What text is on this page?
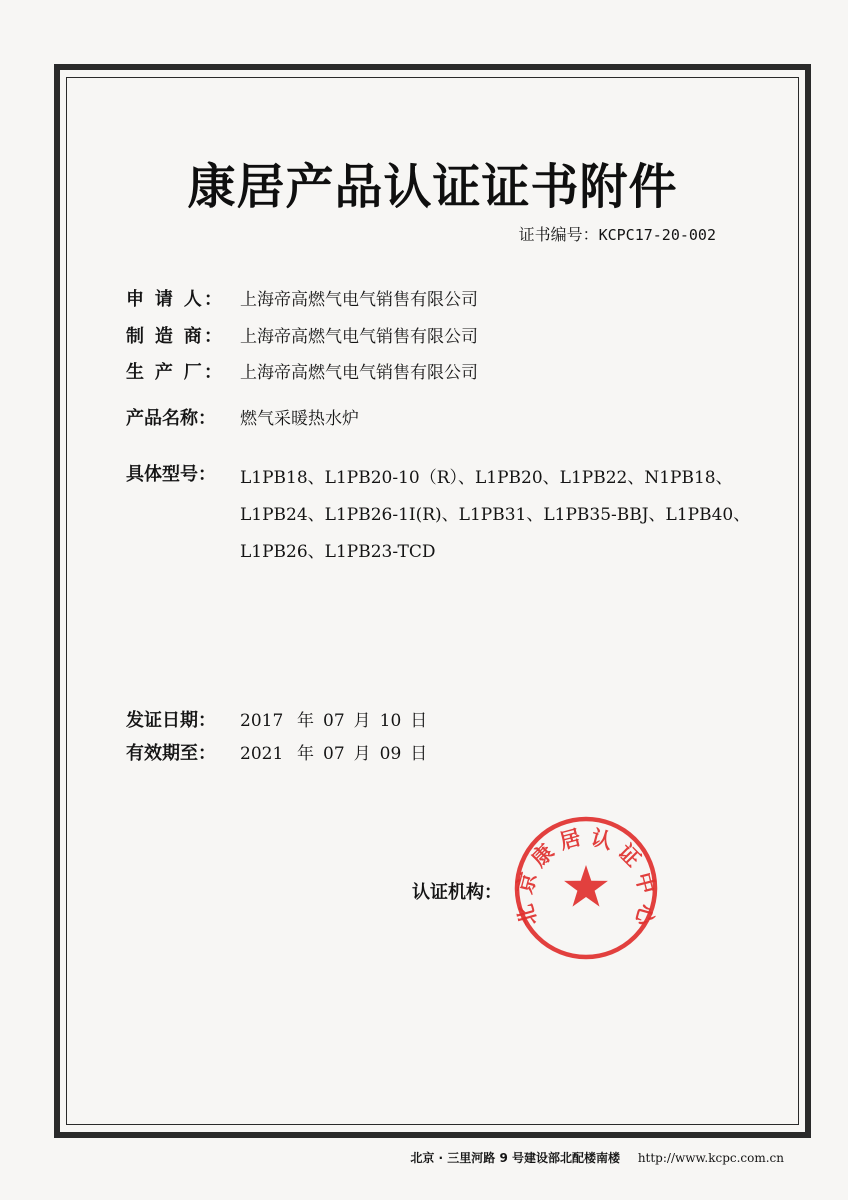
康居产品认证证书附件
证书编号： KCPC17-20-002
申 请 人： 上海帝高燃气电气销售有限公司
制 造 商： 上海帝高燃气电气销售有限公司
生 产 厂： 上海帝高燃气电气销售有限公司
产品名称：	燃气采暖热水炉
具体型号： L1PB18、L1PB20-10（R）、L1PB20、L1PB22、N1PB18、
L1PB24、L1PB26-1I(R)、L1PB31、L1PB35-BBJ、L1PB40、
L1PB26、L1PB23-TCD
发证日期：	2017 年 07 月 10 日
有效期至：	2021 年 07 月 09 日
认证机构：
北 京 康 居 认 证 中 心
北京 · 三里河路 9 号建设部北配楼南楼 http://www.kcpc.com.cn
